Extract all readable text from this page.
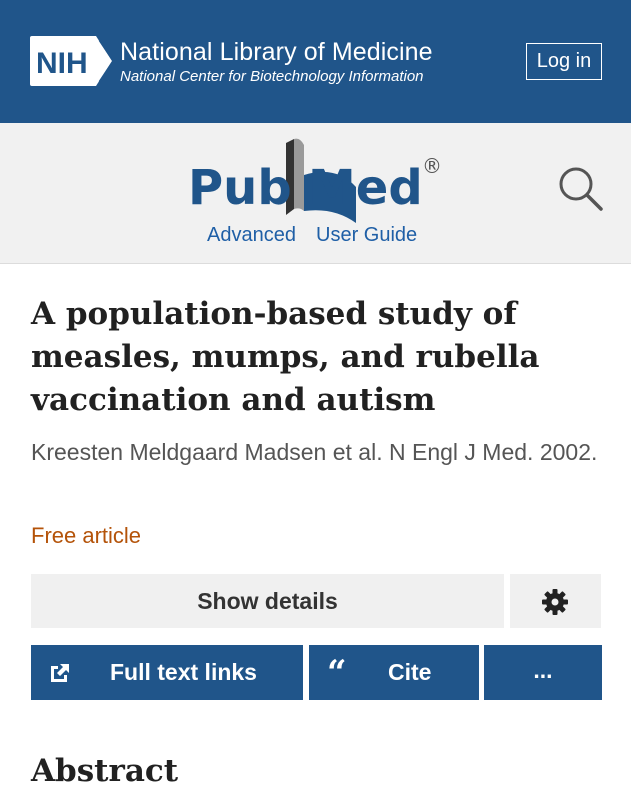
NIH National Library of Medicine
National Center for Biotechnology Information
Log in
Pub Med ®
Advanced User Guide
A population-based study of measles, mumps, and rubella vaccination and autism
Kreesten Meldgaard Madsen et al. N Engl J Med. 2002.
Free article
Show details
Full text links “ Cite	...
Abstract
